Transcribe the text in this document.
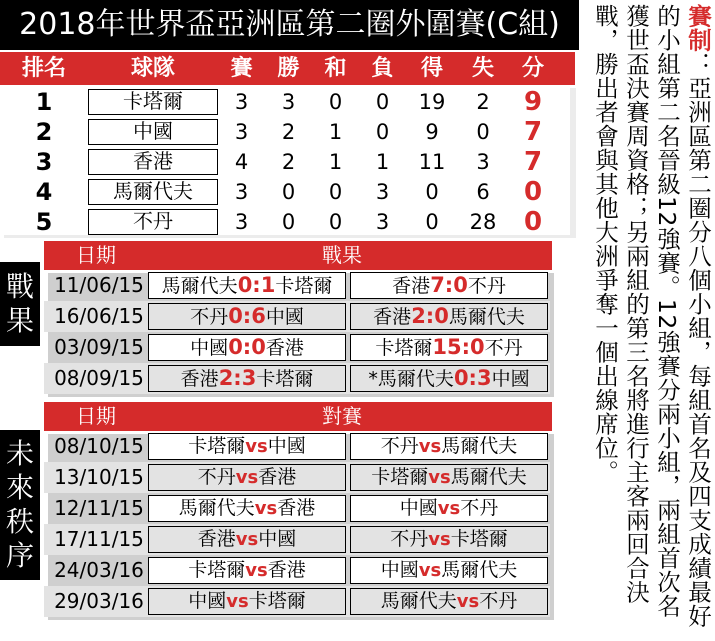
2018年世界盃亞洲區第二圈外圍賽(C組)
排名	球隊	賽	勝	和	負	得	失	分
1	卡塔爾	3	3	0	0	19	2	9
2	中國	3	2	1	0	9	0	7
3	香港	4	2	1	1	11	3	7
4	馬爾代夫	3	0	0	3	0	6	0
5	不丹	3	0	0	3	0	28	0
戰
果
日期	戰果
11/06/15 馬爾代夫0:1卡塔爾	香港7:0不丹
16/06/15	不丹0:6中國	香港2:0馬爾代夫
03/09/15	中國0:0香港	卡塔爾15:0不丹
08/09/15	香港2:3卡塔爾	*馬爾代夫0:3中國
未
來
秩
序
日期	對賽
08/10/15	卡塔爾vs中國	不丹vs馬爾代夫
13/10/15	不丹vs香港	卡塔爾vs馬爾代夫
12/11/15	馬爾代夫vs香港	中國vs不丹
17/11/15	香港vs中國	不丹vs卡塔爾
24/03/16	卡塔爾vs香港	中國vs馬爾代夫
29/03/16	中國vs卡塔爾	馬爾代夫vs不丹
賽制：亞洲區第二圈分八個小組，每組首名及四支成績最好的小組第二名晉級12強賽。12強賽分兩小組，兩組首次名獲世盃決賽周資格；另兩組的第三名將進行主客兩回合決戰，勝出者會與其他大洲爭奪一個出線席位。
